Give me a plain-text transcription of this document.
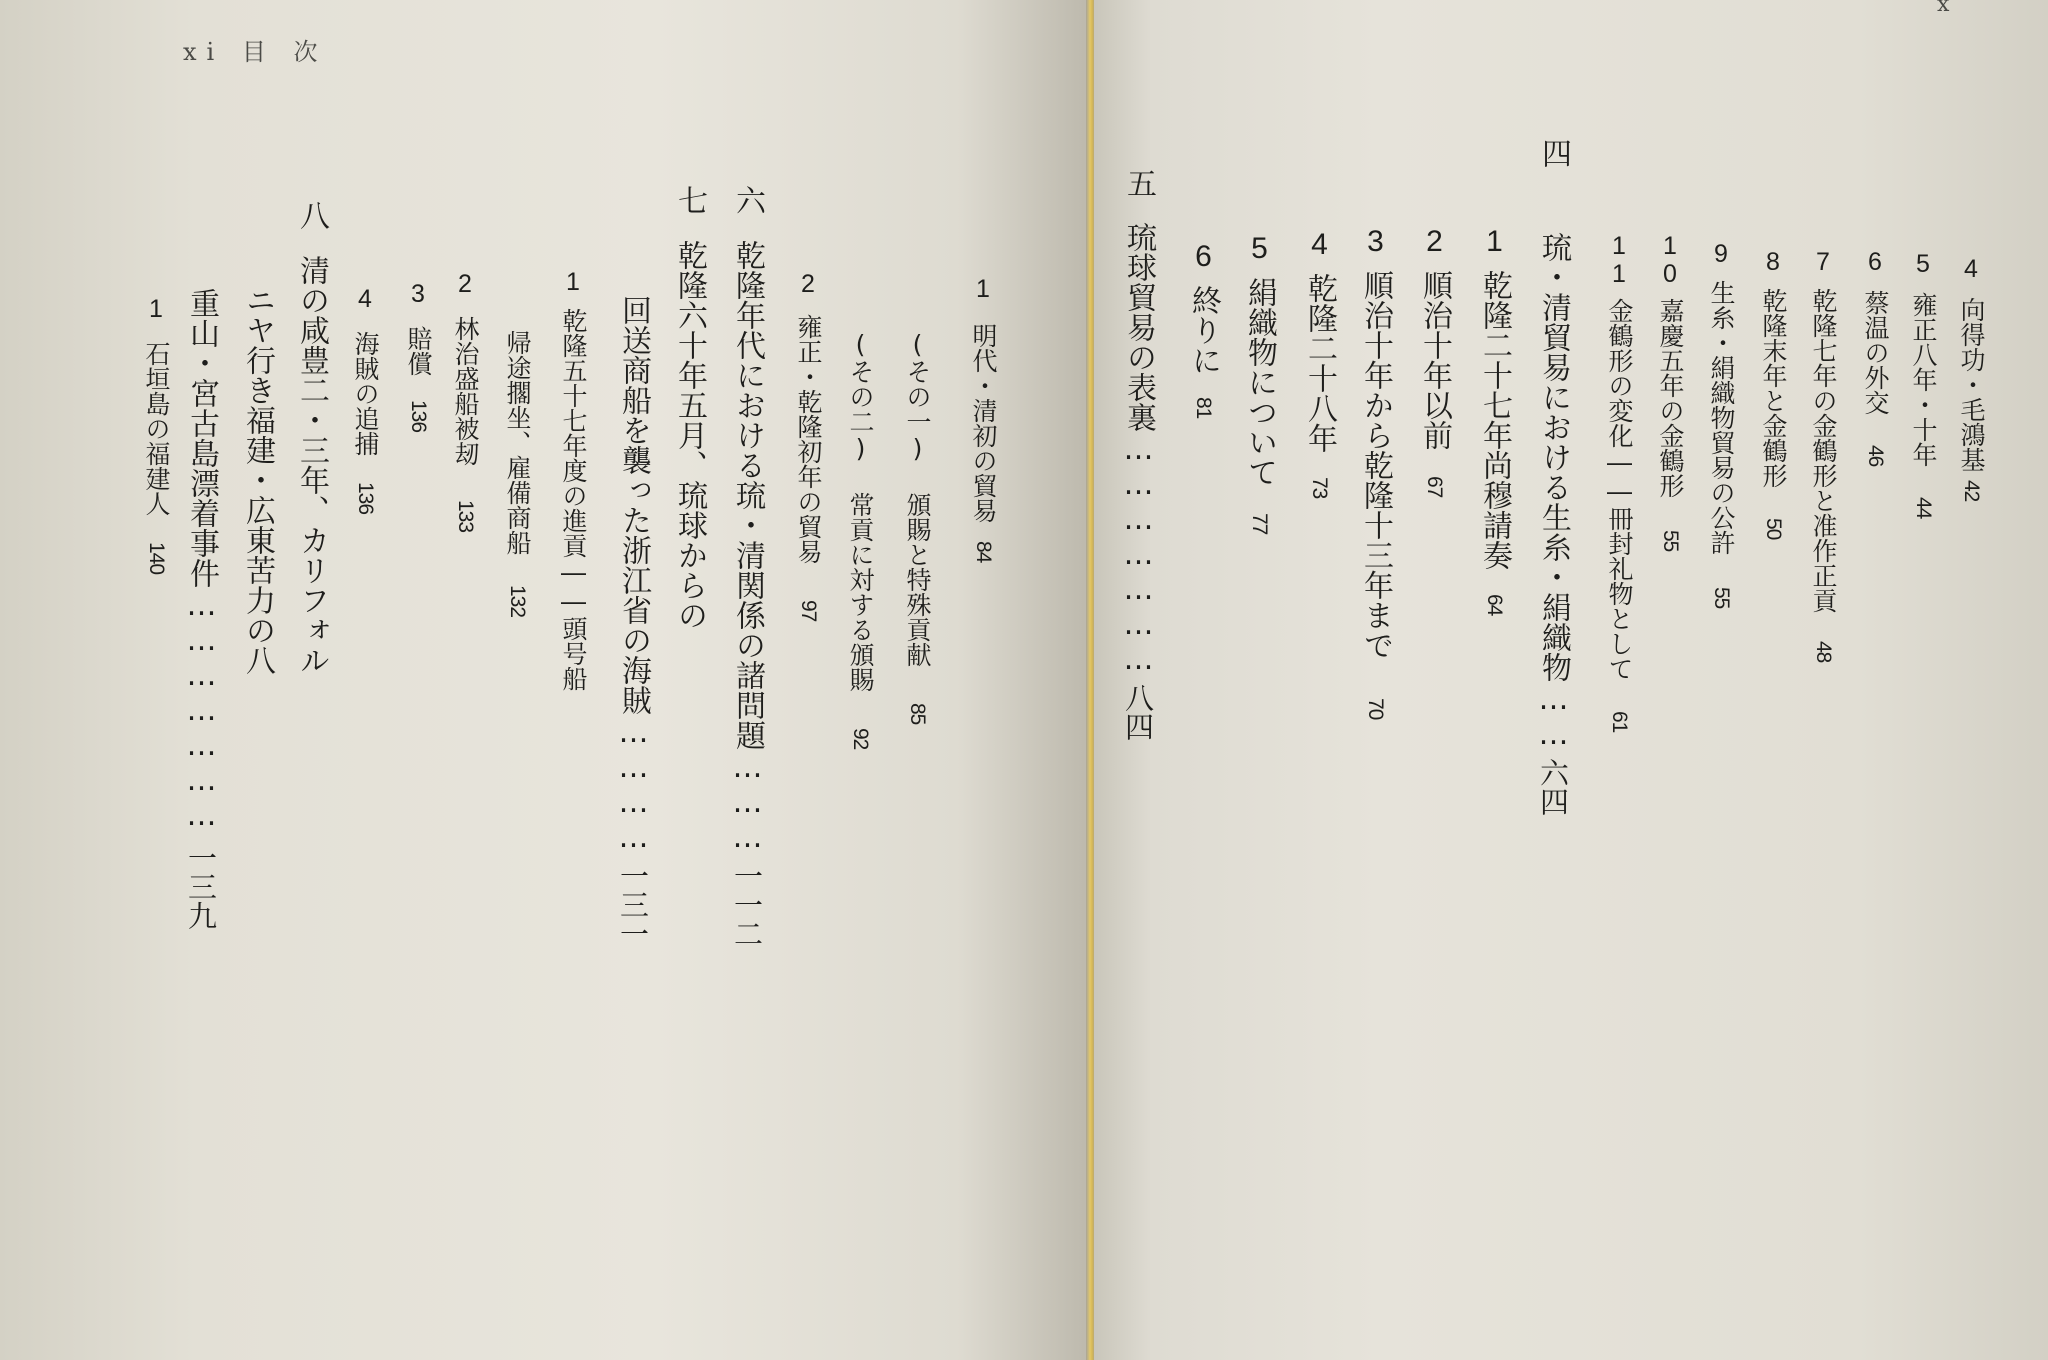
xi 目 次
1明代・清初の貿易84
(その一) 頒賜と特殊貢献85
(その二) 常貢に対する頒賜92
2雍正・乾隆初年の貿易97
六
乾隆年代における琉・清関係の諸問題………一一二
七
乾隆六十年五月、琉球からの
回送商船を襲った浙江省の海賊…………一三一
1乾隆五十七年度の進貢――頭号船
帰途擱坐、雇備商船132
2林治盛船被刼133
3賠償136
4海賊の追捕136
八
清の咸豊二・三年、カリフォル
ニヤ行き福建・広東苦力の八
重山・宮古島漂着事件…………………一三九
1石垣島の福建人140
x
4向得功・毛鴻基42
5雍正八年・十年44
6蔡温の外交46
7乾隆七年の金鶴形と准作正貢48
8乾隆末年と金鶴形50
9生糸・絹織物貿易の公許55
10嘉慶五年の金鶴形55
11金鶴形の変化――冊封礼物として61
四
琉・清貿易における生糸・絹織物……六四
1乾隆二十七年尚穆請奏64
2順治十年以前67
3順治十年から乾隆十三年まで70
4乾隆二十八年73
5絹織物について77
6終りに81
五
琉球貿易の表裏…………………八四
